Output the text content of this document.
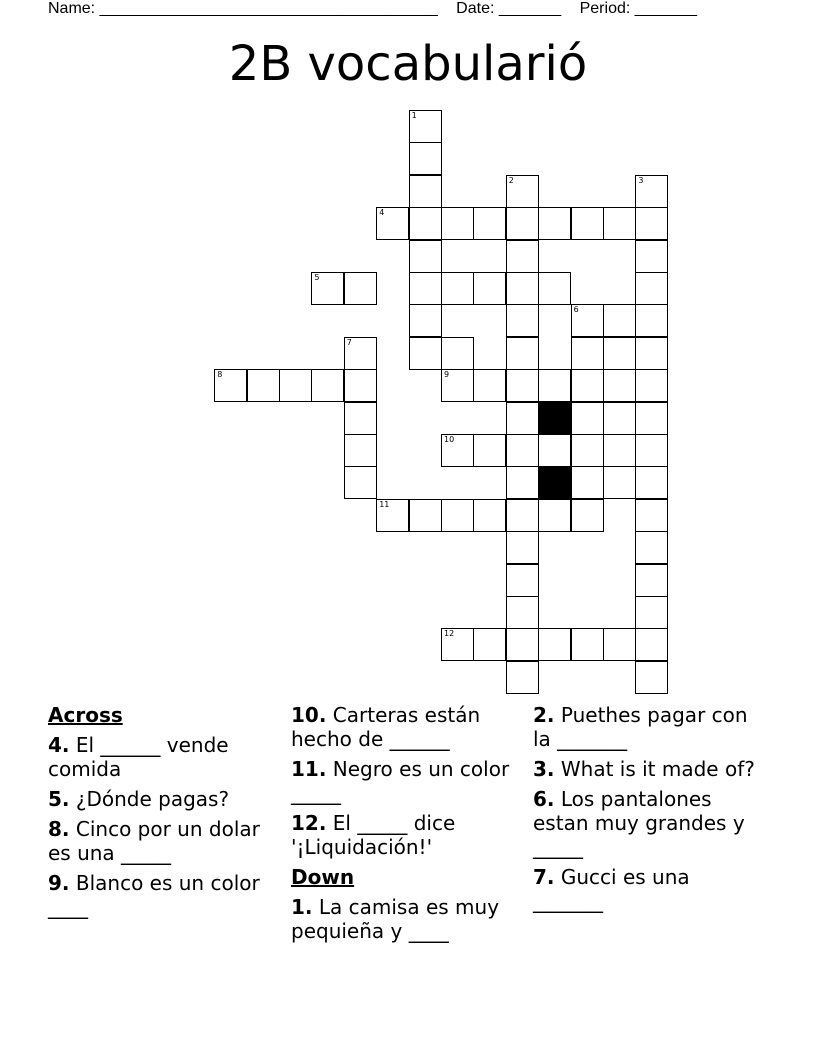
Name: ______________________________________ Date: _______ Period: _______
2B vocabularió
1
2	3
4
5
6
7
8	9
10
11
12
Across
4. El ______ vende comida
5. ¿Dónde pagas?
8. Cinco por un dolar es una _____
9. Blanco es un color ____
10. Carteras están hecho de ______
11. Negro es un color _____
12. El _____ dice '¡Liquidación!'
Down
1. La camisa es muy pequieña y ____
2. Puethes pagar con la _______
3. What is it made of?
6. Los pantalones estan muy grandes y _____
7. Gucci es una _______
